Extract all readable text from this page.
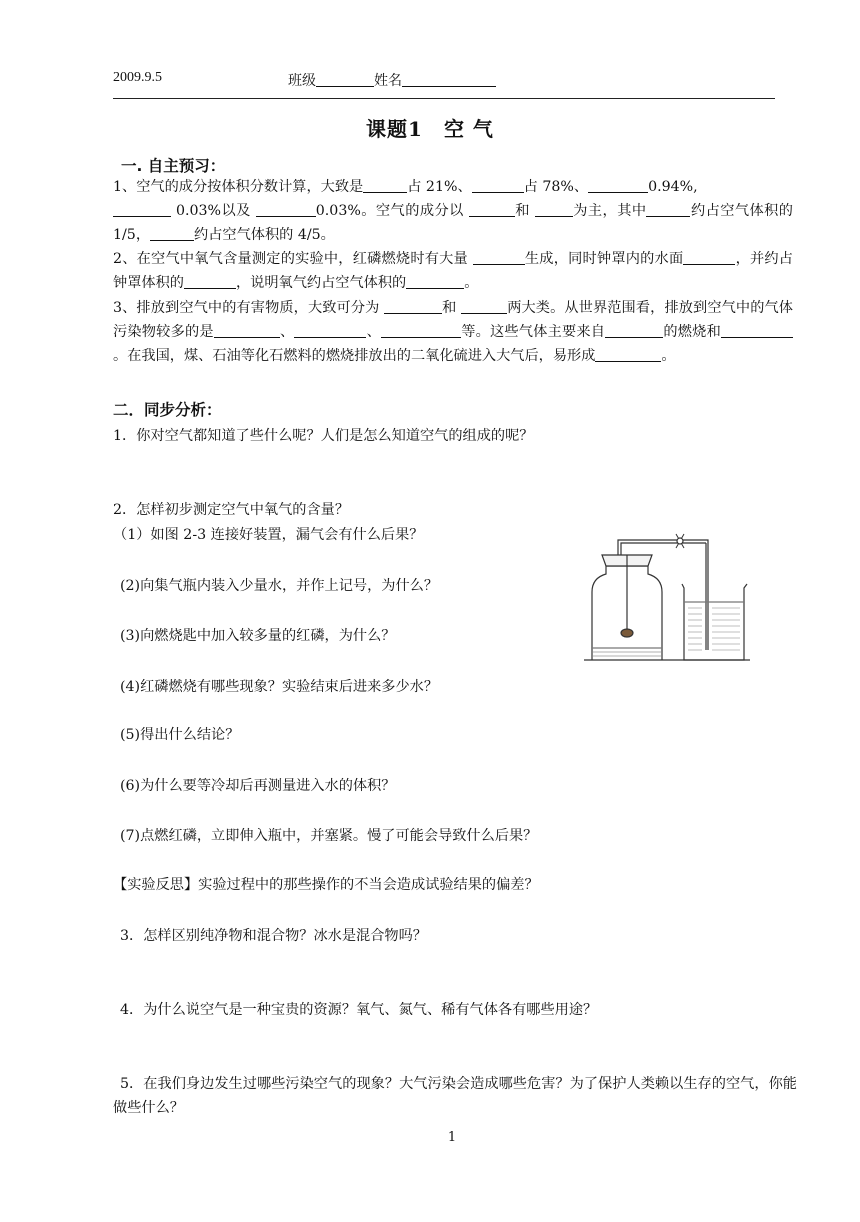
2009.9.5	班级	姓名
课题1　空 气
一. 自主预习：
1、空气的成分按体积分数计算，大致是	占 21%、	占 78%、	0.94%,
0.03%以及	0.03%。空气的成分以	和	为主，其中	约占空气体积的 1/5，	约占空气体积的 4/5。
2、在空气中氧气含量测定的实验中，红磷燃烧时有大量	生成，同时钟罩内的水面	，并约占钟罩体积的	，说明氧气约占空气体积的	。
3、排放到空气中的有害物质，大致可分为	和	两大类。从世界范围看，排放到空气中的气体污染物较多的是	、	、	等。这些气体主要来自	的燃烧和。在我国，煤、石油等化石燃料的燃烧排放出的二氧化硫进入大气后，易形成	。
二．同步分析：
1．你对空气都知道了些什么呢？人们是怎么知道空气的组成的呢？
2．怎样初步测定空气中氧气的含量？
（1）如图 2-3 连接好装置，漏气会有什么后果？
(2)向集气瓶内装入少量水，并作上记号，为什么？
(3)向燃烧匙中加入较多量的红磷，为什么？
(4)红磷燃烧有哪些现象？实验结束后进来多少水？
(5)得出什么结论？
(6)为什么要等冷却后再测量进入水的体积？
(7)点燃红磷，立即伸入瓶中，并塞紧。慢了可能会导致什么后果？
【实验反思】实验过程中的那些操作的不当会造成试验结果的偏差？
3．怎样区别纯净物和混合物？冰水是混合物吗？
4．为什么说空气是一种宝贵的资源？氧气、氮气、稀有气体各有哪些用途？
5．在我们身边发生过哪些污染空气的现象？大气污染会造成哪些危害？为了保护人类赖以生存的空气，你能做些什么？
1
